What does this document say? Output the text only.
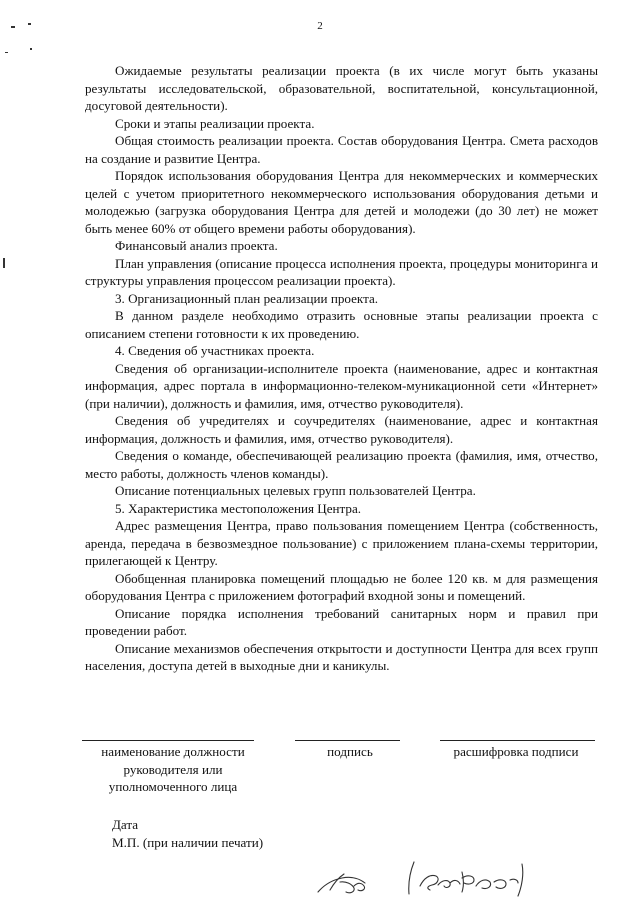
2

Ожидаемые результаты реализации проекта (в их числе могут быть указаны результаты исследовательской, образовательной, воспитательной, консультационной, досуговой деятельности).

Сроки и этапы реализации проекта.

Общая стоимость реализации проекта. Состав оборудования Центра. Смета расходов на создание и развитие Центра.

Порядок использования оборудования Центра для некоммерческих и коммерческих целей с учетом приоритетного некоммерческого использования оборудования детьми и молодежью (загрузка оборудования Центра для детей и молодежи (до 30 лет) не может быть менее 60% от общего времени работы оборудования).

Финансовый анализ проекта.

План управления (описание процесса исполнения проекта, процедуры мониторинга и структуры управления процессом реализации проекта).

3. Организационный план реализации проекта.

В данном разделе необходимо отразить основные этапы реализации проекта с описанием степени готовности к их проведению.

4. Сведения об участниках проекта.

Сведения об организации-исполнителе проекта (наименование, адрес и контактная информация, адрес портала в информационно-телеком-муникационной сети «Интернет» (при наличии), должность и фамилия, имя, отчество руководителя).

Сведения об учредителях и соучредителях (наименование, адрес и контактная информация, должность и фамилия, имя, отчество руководителя).

Сведения о команде, обеспечивающей реализацию проекта (фамилия, имя, отчество, место работы, должность членов команды).

Описание потенциальных целевых групп пользователей Центра.

5. Характеристика местоположения Центра.

Адрес размещения Центра, право пользования помещением Центра (собственность, аренда, передача в безвозмездное пользование) с приложением плана-схемы территории, прилегающей к Центру.

Обобщенная планировка помещений площадью не более 120 кв. м для размещения оборудования Центра с приложением фотографий входной зоны и помещений.

Описание порядка исполнения требований санитарных норм и правил при проведении работ.

Описание механизмов обеспечения открытости и доступности Центра для всех групп населения, доступа детей в выходные дни и каникулы.

наименование должности руководителя или уполномоченного лица
подпись	расшифровка подписи
Дата
М.П. (при наличии печати)
